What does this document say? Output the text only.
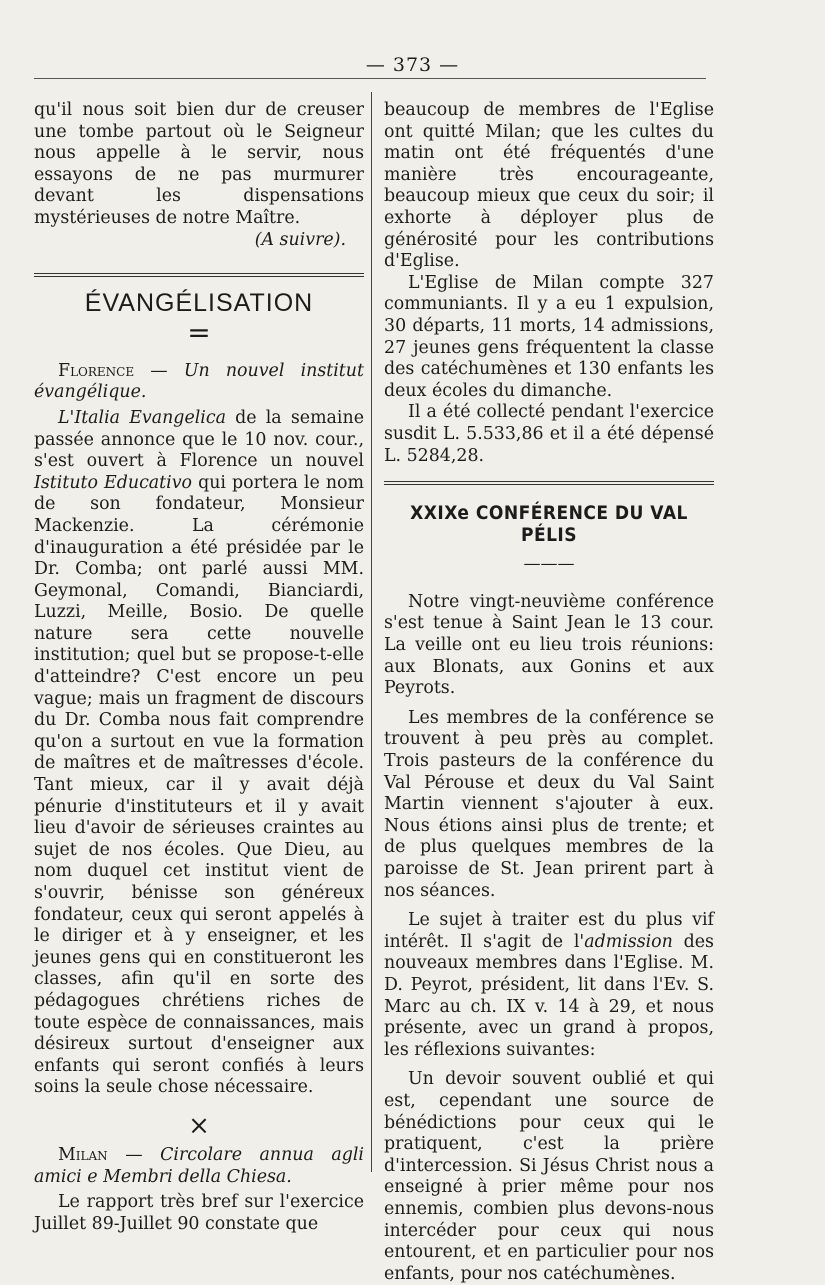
— 373 —

qu'il nous soit bien dur de creuser une tombe partout où le Seigneur nous appelle à le servir, nous essayons de ne pas murmurer devant les dispensations mystérieuses de notre Maître.

(A suivre).

ÉVANGÉLISATION
=

Florence — Un nouvel institut évangélique.

L'Italia Evangelica de la semaine passée annonce que le 10 nov. cour., s'est ouvert à Florence un nouvel Istituto Educativo qui portera le nom de son fondateur, Monsieur Mackenzie. La cérémonie d'inauguration a été présidée par le Dr. Comba; ont parlé aussi MM. Geymonal, Comandi, Bianciardi, Luzzi, Meille, Bosio. De quelle nature sera cette nouvelle institution; quel but se propose-t-elle d'atteindre? C'est encore un peu vague; mais un fragment de discours du Dr. Comba nous fait comprendre qu'on a surtout en vue la formation de maîtres et de maîtresses d'école. Tant mieux, car il y avait déjà pénurie d'instituteurs et il y avait lieu d'avoir de sérieuses craintes au sujet de nos écoles. Que Dieu, au nom duquel cet institut vient de s'ouvrir, bénisse son généreux fondateur, ceux qui seront appelés à le diriger et à y enseigner, et les jeunes gens qui en constitueront les classes, afin qu'il en sorte des pédagogues chrétiens riches de toute espèce de connaissances, mais désireux surtout d'enseigner aux enfants qui seront confiés à leurs soins la seule chose nécessaire.

×

Milan — Circolare annua agli amici e Membri della Chiesa.

Le rapport très bref sur l'exercice Juillet 89-Juillet 90 constate que

beaucoup de membres de l'Eglise ont quitté Milan; que les cultes du matin ont été fréquentés d'une manière très encourageante, beaucoup mieux que ceux du soir; il exhorte à déployer plus de générosité pour les contributions d'Eglise.

L'Eglise de Milan compte 327 communiants. Il y a eu 1 expulsion, 30 départs, 11 morts, 14 admissions, 27 jeunes gens fréquentent la classe des catéchumènes et 130 enfants les deux écoles du dimanche.

Il a été collecté pendant l'exercice susdit L. 5.533,86 et il a été dépensé L. 5284,28.

XXIXe CONFÉRENCE DU VAL PÉLIS
———

Notre vingt-neuvième conférence s'est tenue à Saint Jean le 13 cour. La veille ont eu lieu trois réunions: aux Blonats, aux Gonins et aux Peyrots.

Les membres de la conférence se trouvent à peu près au complet. Trois pasteurs de la conférence du Val Pérouse et deux du Val Saint Martin viennent s'ajouter à eux. Nous étions ainsi plus de trente; et de plus quelques membres de la paroisse de St. Jean prirent part à nos séances.

Le sujet à traiter est du plus vif intérêt. Il s'agit de l'admission des nouveaux membres dans l'Eglise. M. D. Peyrot, président, lit dans l'Ev. S. Marc au ch. IX v. 14 à 29, et nous présente, avec un grand à propos, les réflexions suivantes:

Un devoir souvent oublié et qui est, cependant une source de bénédictions pour ceux qui le pratiquent, c'est la prière d'intercession. Si Jésus Christ nous a enseigné à prier même pour nos ennemis, combien plus devons-nous intercéder pour ceux qui nous entourent, et en particulier pour nos enfants, pour nos catéchumènes.
